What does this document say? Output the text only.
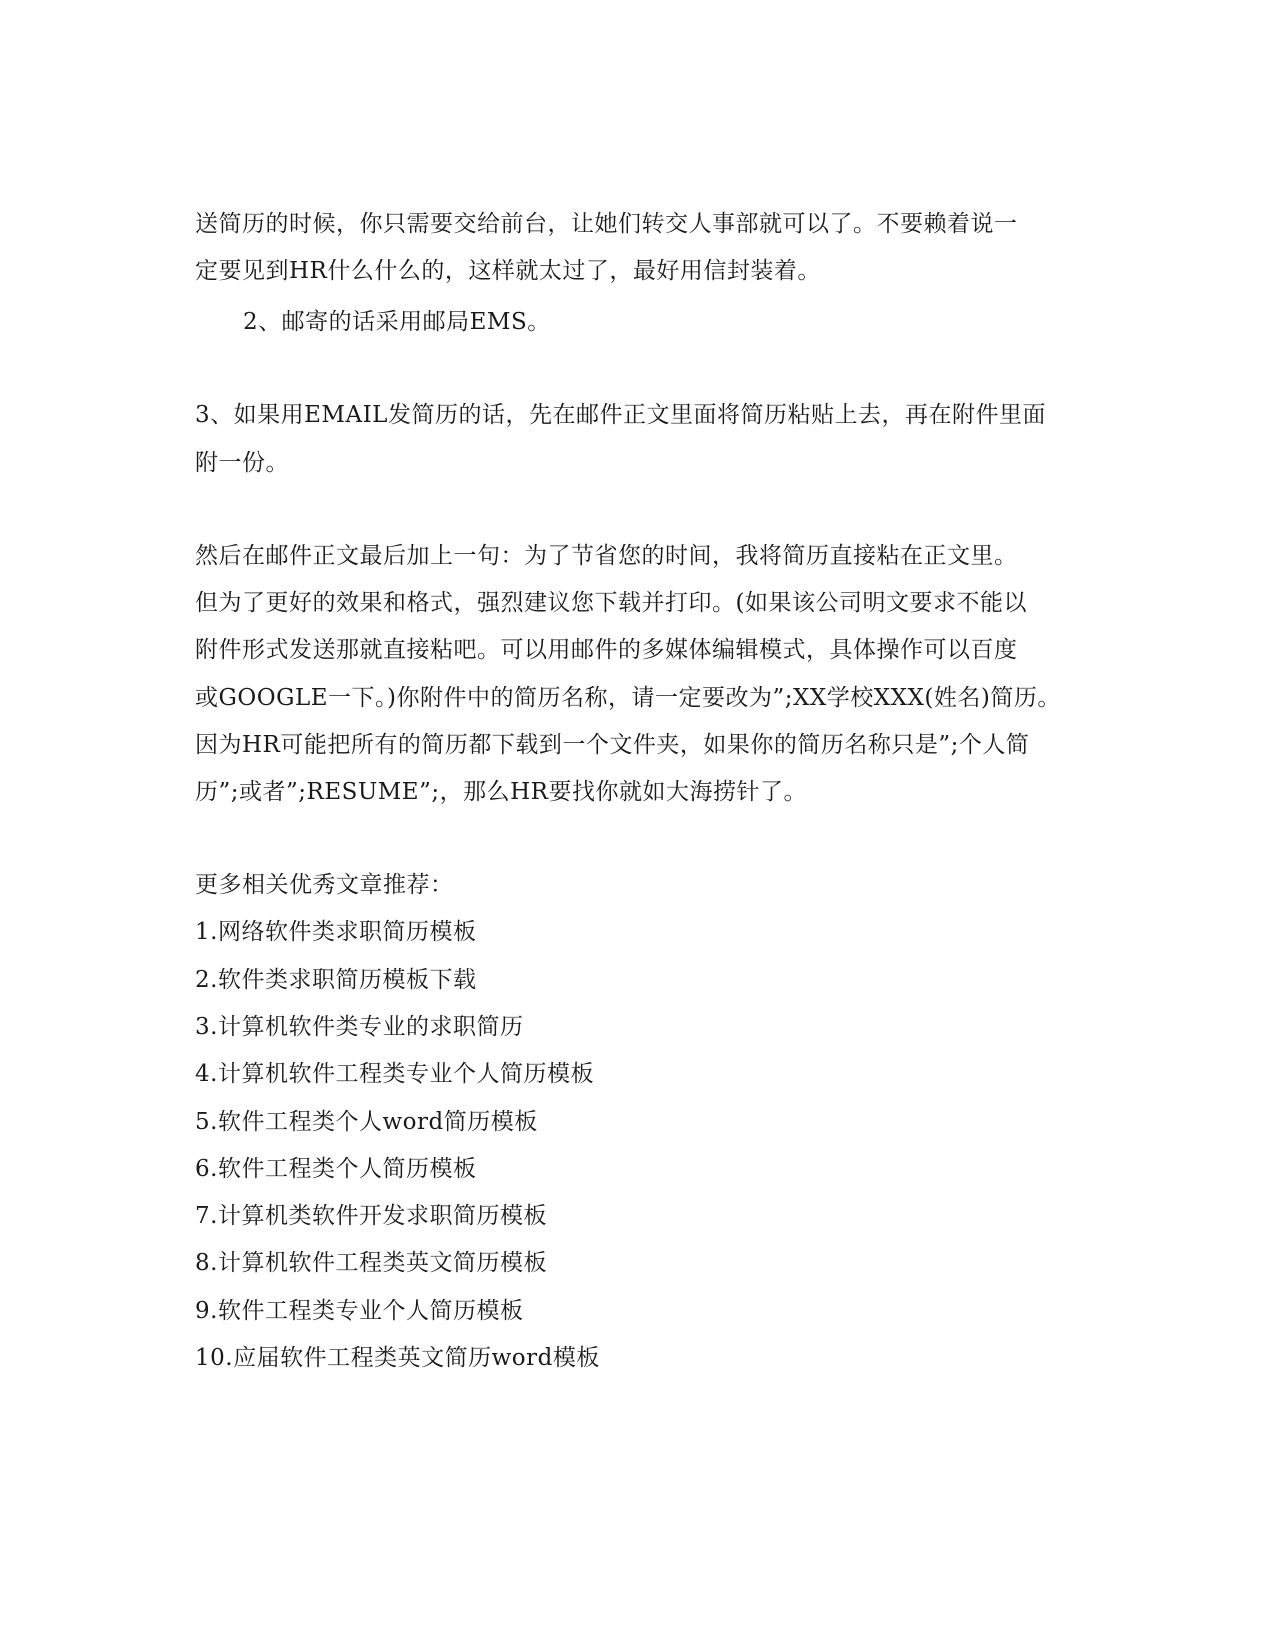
送简历的时候，你只需要交给前台，让她们转交人事部就可以了。不要赖着说一
定要见到HR什么什么的，这样就太过了，最好用信封装着。
2、邮寄的话采用邮局EMS。
3、如果用EMAIL发简历的话，先在邮件正文里面将简历粘贴上去，再在附件里面
附一份。
然后在邮件正文最后加上一句：为了节省您的时间，我将简历直接粘在正文里。
但为了更好的效果和格式，强烈建议您下载并打印。(如果该公司明文要求不能以
附件形式发送那就直接粘吧。可以用邮件的多媒体编辑模式，具体操作可以百度
或GOOGLE一下。)你附件中的简历名称，请一定要改为”;XX学校XXX(姓名)简历。
因为HR可能把所有的简历都下载到一个文件夹，如果你的简历名称只是”;个人简
历”;或者”;RESUME”;，那么HR要找你就如大海捞针了。
更多相关优秀文章推荐：
1.网络软件类求职简历模板
2.软件类求职简历模板下载
3.计算机软件类专业的求职简历
4.计算机软件工程类专业个人简历模板
5.软件工程类个人word简历模板
6.软件工程类个人简历模板
7.计算机类软件开发求职简历模板
8.计算机软件工程类英文简历模板
9.软件工程类专业个人简历模板
10.应届软件工程类英文简历word模板
